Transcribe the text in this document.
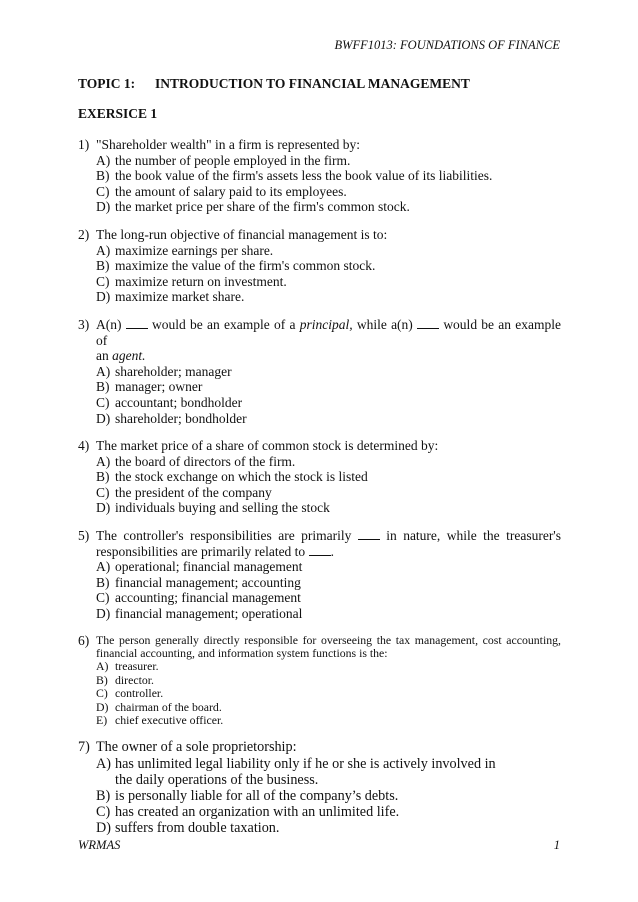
BWFF1013: FOUNDATIONS OF FINANCE
TOPIC 1: INTRODUCTION TO FINANCIAL MANAGEMENT
EXERSICE 1
1) "Shareholder wealth" in a firm is represented by:
A) the number of people employed in the firm.
B) the book value of the firm's assets less the book value of its liabilities.
C) the amount of salary paid to its employees.
D) the market price per share of the firm's common stock.
2) The long-run objective of financial management is to:
A) maximize earnings per share.
B) maximize the value of the firm's common stock.
C) maximize return on investment.
D) maximize market share.
3) A(n) would be an example of a principal, while a(n) would be an example of
an agent.
A) shareholder; manager
B) manager; owner
C) accountant; bondholder
D) shareholder; bondholder
4) The market price of a share of common stock is determined by:
A) the board of directors of the firm.
B) the stock exchange on which the stock is listed
C) the president of the company
D) individuals buying and selling the stock
5) The controller's responsibilities are primarily	in nature, while the treasurer's
responsibilities are primarily related to .
A) operational; financial management
B) financial management; accounting
C) accounting; financial management
D) financial management; operational
6) The person generally directly responsible for overseeing the tax management, cost accounting, financial accounting, and information system functions is the:
A) treasurer.
B) director.
C) controller.
D) chairman of the board.
E) chief executive officer.
7) The owner of a sole proprietorship:
A) has unlimited legal liability only if he or she is actively involved in the daily operations of the business.
B) is personally liable for all of the company’s debts.
C) has created an organization with an unlimited life.
D) suffers from double taxation.
WRMAS	1
